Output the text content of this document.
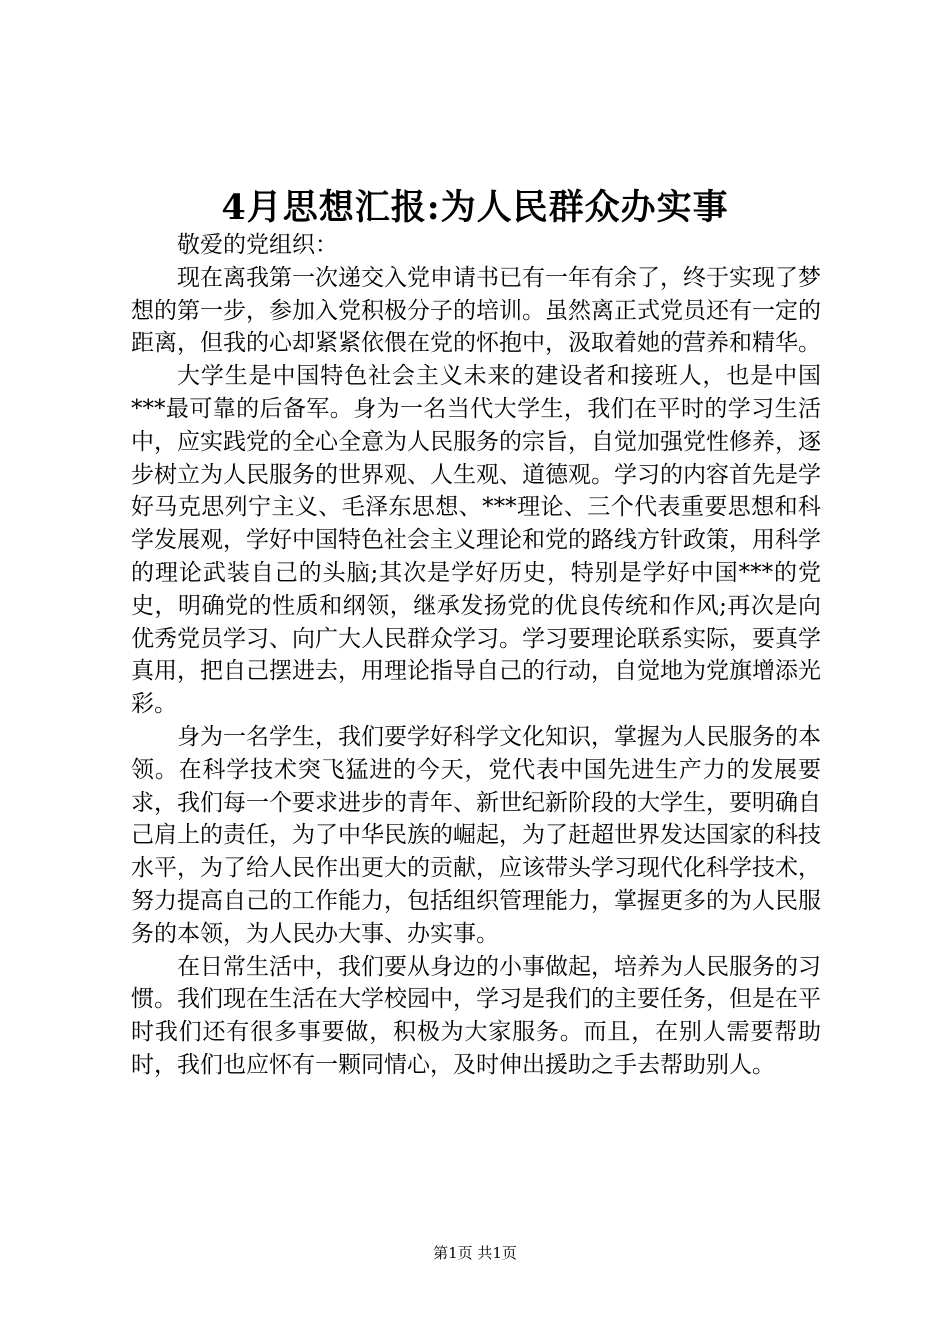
4月思想汇报:为人民群众办实事

敬爱的党组织：

现在离我第一次递交入党申请书已有一年有余了，终于实现了梦想的第一步，参加入党积极分子的培训。虽然离正式党员还有一定的距离，但我的心却紧紧依偎在党的怀抱中，汲取着她的营养和精华。

大学生是中国特色社会主义未来的建设者和接班人，也是中国***最可靠的后备军。身为一名当代大学生，我们在平时的学习生活中，应实践党的全心全意为人民服务的宗旨，自觉加强党性修养，逐步树立为人民服务的世界观、人生观、道德观。学习的内容首先是学好马克思列宁主义、毛泽东思想、***理论、三个代表重要思想和科学发展观，学好中国特色社会主义理论和党的路线方针政策，用科学的理论武装自己的头脑;其次是学好历史，特别是学好中国***的党史，明确党的性质和纲领，继承发扬党的优良传统和作风;再次是向优秀党员学习、向广大人民群众学习。学习要理论联系实际，要真学真用，把自己摆进去，用理论指导自己的行动，自觉地为党旗增添光彩。

身为一名学生，我们要学好科学文化知识，掌握为人民服务的本领。在科学技术突飞猛进的今天，党代表中国先进生产力的发展要求，我们每一个要求进步的青年、新世纪新阶段的大学生，要明确自己肩上的责任，为了中华民族的崛起，为了赶超世界发达国家的科技水平，为了给人民作出更大的贡献，应该带头学习现代化科学技术，努力提高自己的工作能力，包括组织管理能力，掌握更多的为人民服务的本领，为人民办大事、办实事。

在日常生活中，我们要从身边的小事做起，培养为人民服务的习惯。我们现在生活在大学校园中，学习是我们的主要任务，但是在平时我们还有很多事要做，积极为大家服务。而且，在别人需要帮助时，我们也应怀有一颗同情心，及时伸出援助之手去帮助别人。

第1页 共1页
